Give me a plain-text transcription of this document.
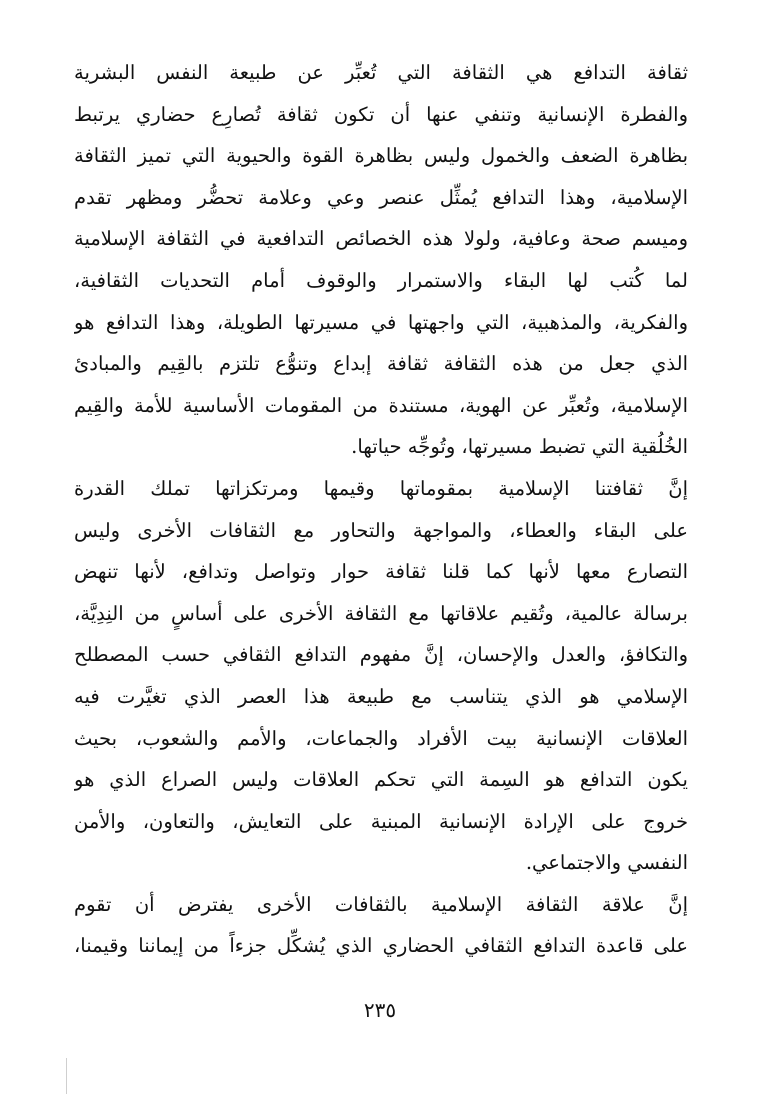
ثقافة التدافع هي الثقافة التي تُعبِّر عن طبيعة النفس البشرية
والفطرة الإنسانية وتنفي عنها أن تكون ثقافة تُصارِع حضاري يرتبط
بظاهرة الضعف والخمول وليس بظاهرة القوة والحيوية التي تميز الثقافة
الإسلامية، وهذا التدافع يُمثِّل عنصر وعي وعلامة تحضُّر ومظهر تقدم
وميسم صحة وعافية، ولولا هذه الخصائص التدافعية في الثقافة الإسلامية
لما كُتب لها البقاء والاستمرار والوقوف أمام التحديات الثقافية،
والفكرية، والمذهبية، التي واجهتها في مسيرتها الطويلة، وهذا التدافع هو
الذي جعل من هذه الثقافة ثقافة إبداع وتنوُّع تلتزم بالقِيم والمبادئ
الإسلامية، وتُعبِّر عن الهوية، مستندة من المقومات الأساسية للأمة والقِيم
الخُلُقية التي تضبط مسيرتها، وتُوجِّه حياتها.
إنَّ ثقافتنا الإسلامية بمقوماتها وقيمها ومرتكزاتها تملك القدرة
على البقاء والعطاء، والمواجهة والتحاور مع الثقافات الأخرى وليس
التصارع معها لأنها كما قلنا ثقافة حوار وتواصل وتدافع، لأنها تنهض
برسالة عالمية، وتُقيم علاقاتها مع الثقافة الأخرى على أساسٍ من النِدِيَّة،
والتكافؤ، والعدل والإحسان، إنَّ مفهوم التدافع الثقافي حسب المصطلح
الإسلامي هو الذي يتناسب مع طبيعة هذا العصر الذي تغيَّرت فيه
العلاقات الإنسانية بيت الأفراد والجماعات، والأمم والشعوب، بحيث
يكون التدافع هو السِمة التي تحكم العلاقات وليس الصراع الذي هو
خروج على الإرادة الإنسانية المبنية على التعايش، والتعاون، والأمن
النفسي والاجتماعي.
إنَّ علاقة الثقافة الإسلامية بالثقافات الأخرى يفترض أن تقوم
على قاعدة التدافع الثقافي الحضاري الذي يُشكِّل جزءاً من إيماننا وقيمنا،
٢٣٥
